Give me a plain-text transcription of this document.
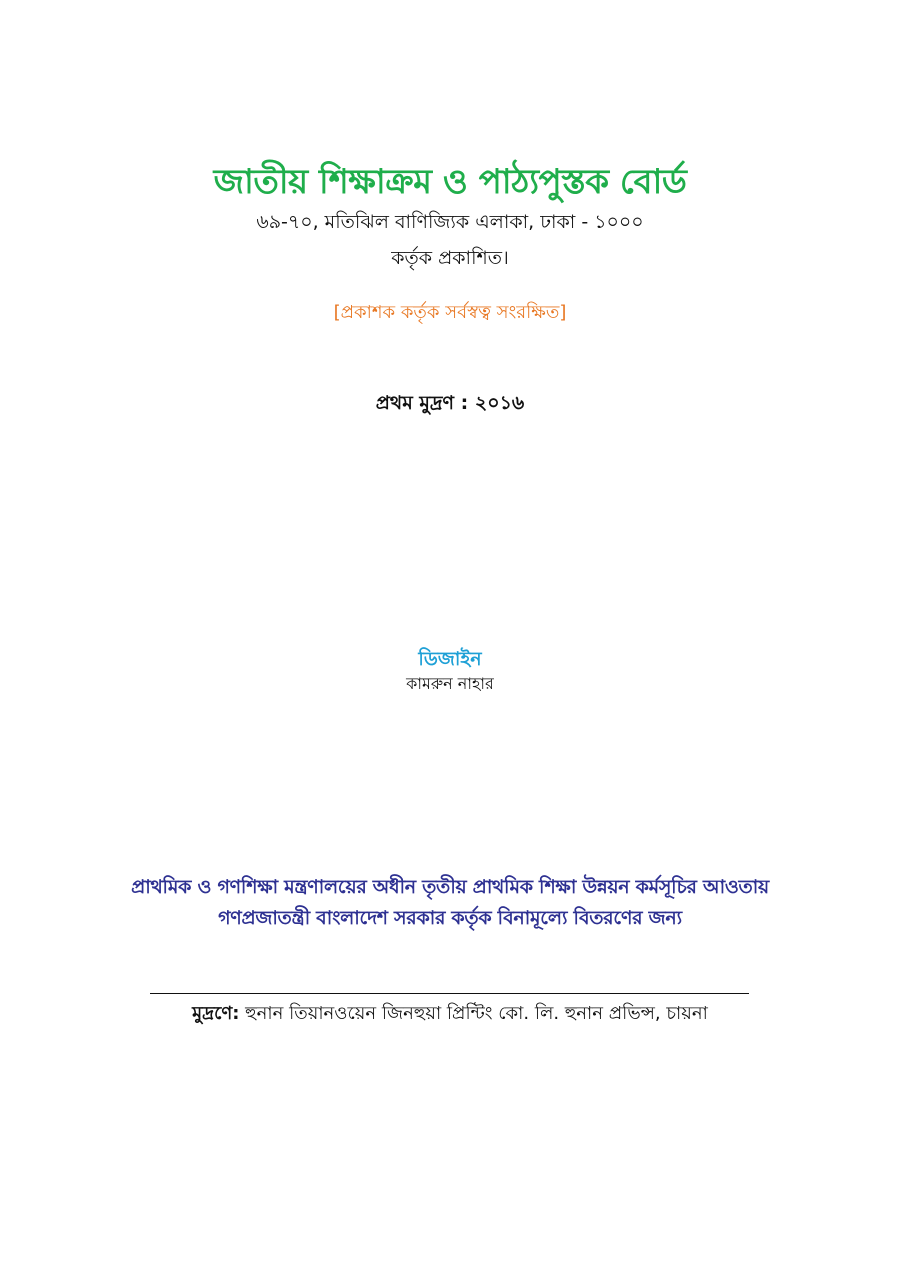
জাতীয় শিক্ষাক্রম ও পাঠ্যপুস্তক বোর্ড
৬৯-৭০, মতিঝিল বাণিজ্যিক এলাকা, ঢাকা - ১০০০
কর্তৃক প্রকাশিত।
[প্রকাশক কর্তৃক সর্বস্বত্ব সংরক্ষিত]
প্রথম মুদ্রণ : ২০১৬
ডিজাইন
কামরুন নাহার
প্রাথমিক ও গণশিক্ষা মন্ত্রণালয়ের অধীন তৃতীয় প্রাথমিক শিক্ষা উন্নয়ন কর্মসূচির আওতায়
গণপ্রজাতন্ত্রী বাংলাদেশ সরকার কর্তৃক বিনামূল্যে বিতরণের জন্য
মুদ্রণে: হুনান তিয়ানওয়েন জিনহুয়া প্রিন্টিং কো. লি. হুনান প্রভিন্স, চায়না
